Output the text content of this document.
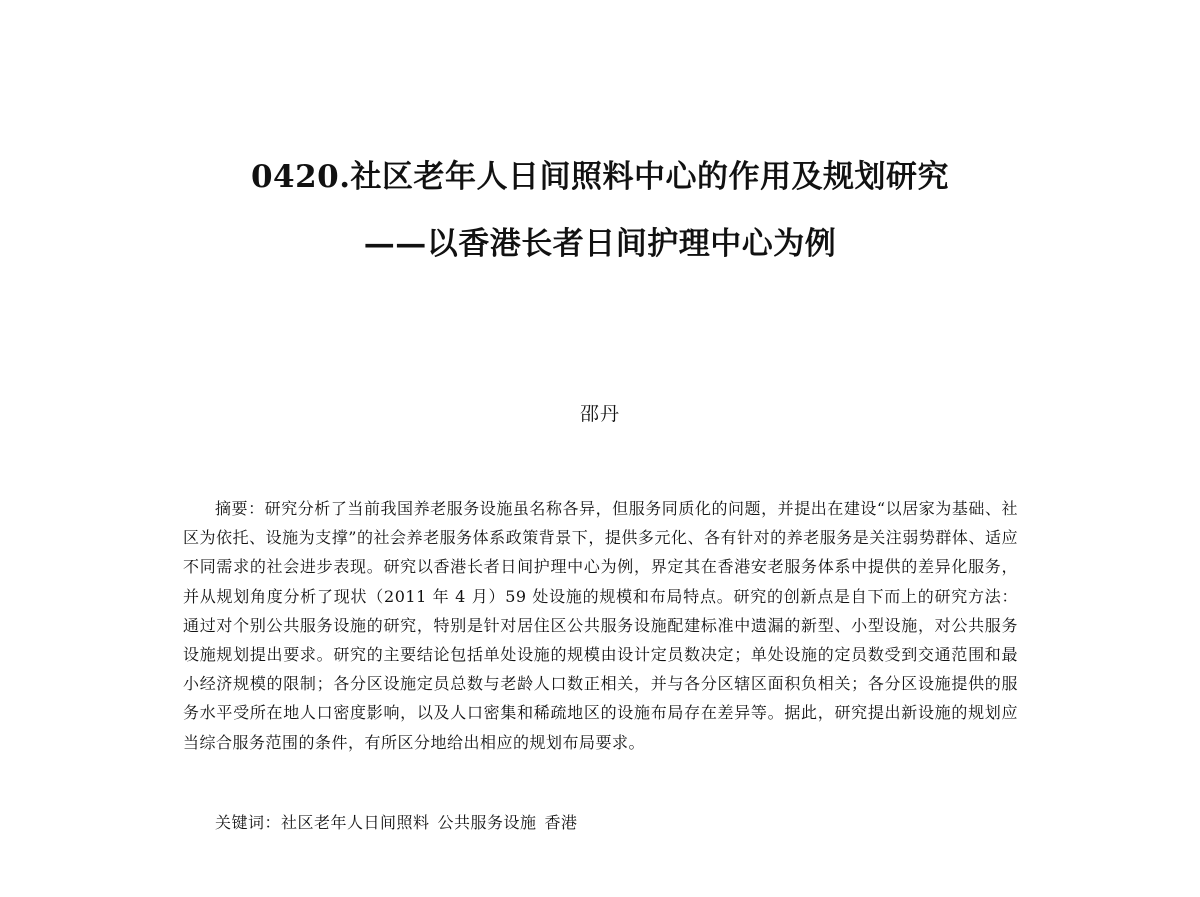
0420.社区老年人日间照料中心的作用及规划研究
——以香港长者日间护理中心为例
邵丹

摘要：研究分析了当前我国养老服务设施虽名称各异，但服务同质化的问题，并提出在建设“以居家为基础、社区为依托、设施为支撑”的社会养老服务体系政策背景下，提供多元化、各有针对的养老服务是关注弱势群体、适应不同需求的社会进步表现。研究以香港长者日间护理中心为例，界定其在香港安老服务体系中提供的差异化服务，并从规划角度分析了现状（2011 年 4 月）59 处设施的规模和布局特点。研究的创新点是自下而上的研究方法：通过对个别公共服务设施的研究，特别是针对居住区公共服务设施配建标准中遗漏的新型、小型设施，对公共服务设施规划提出要求。研究的主要结论包括单处设施的规模由设计定员数决定；单处设施的定员数受到交通范围和最小经济规模的限制；各分区设施定员总数与老龄人口数正相关，并与各分区辖区面积负相关；各分区设施提供的服务水平受所在地人口密度影响，以及人口密集和稀疏地区的设施布局存在差异等。据此，研究提出新设施的规划应当综合服务范围的条件，有所区分地给出相应的规划布局要求。

关键词：社区老年人日间照料 公共服务设施 香港
